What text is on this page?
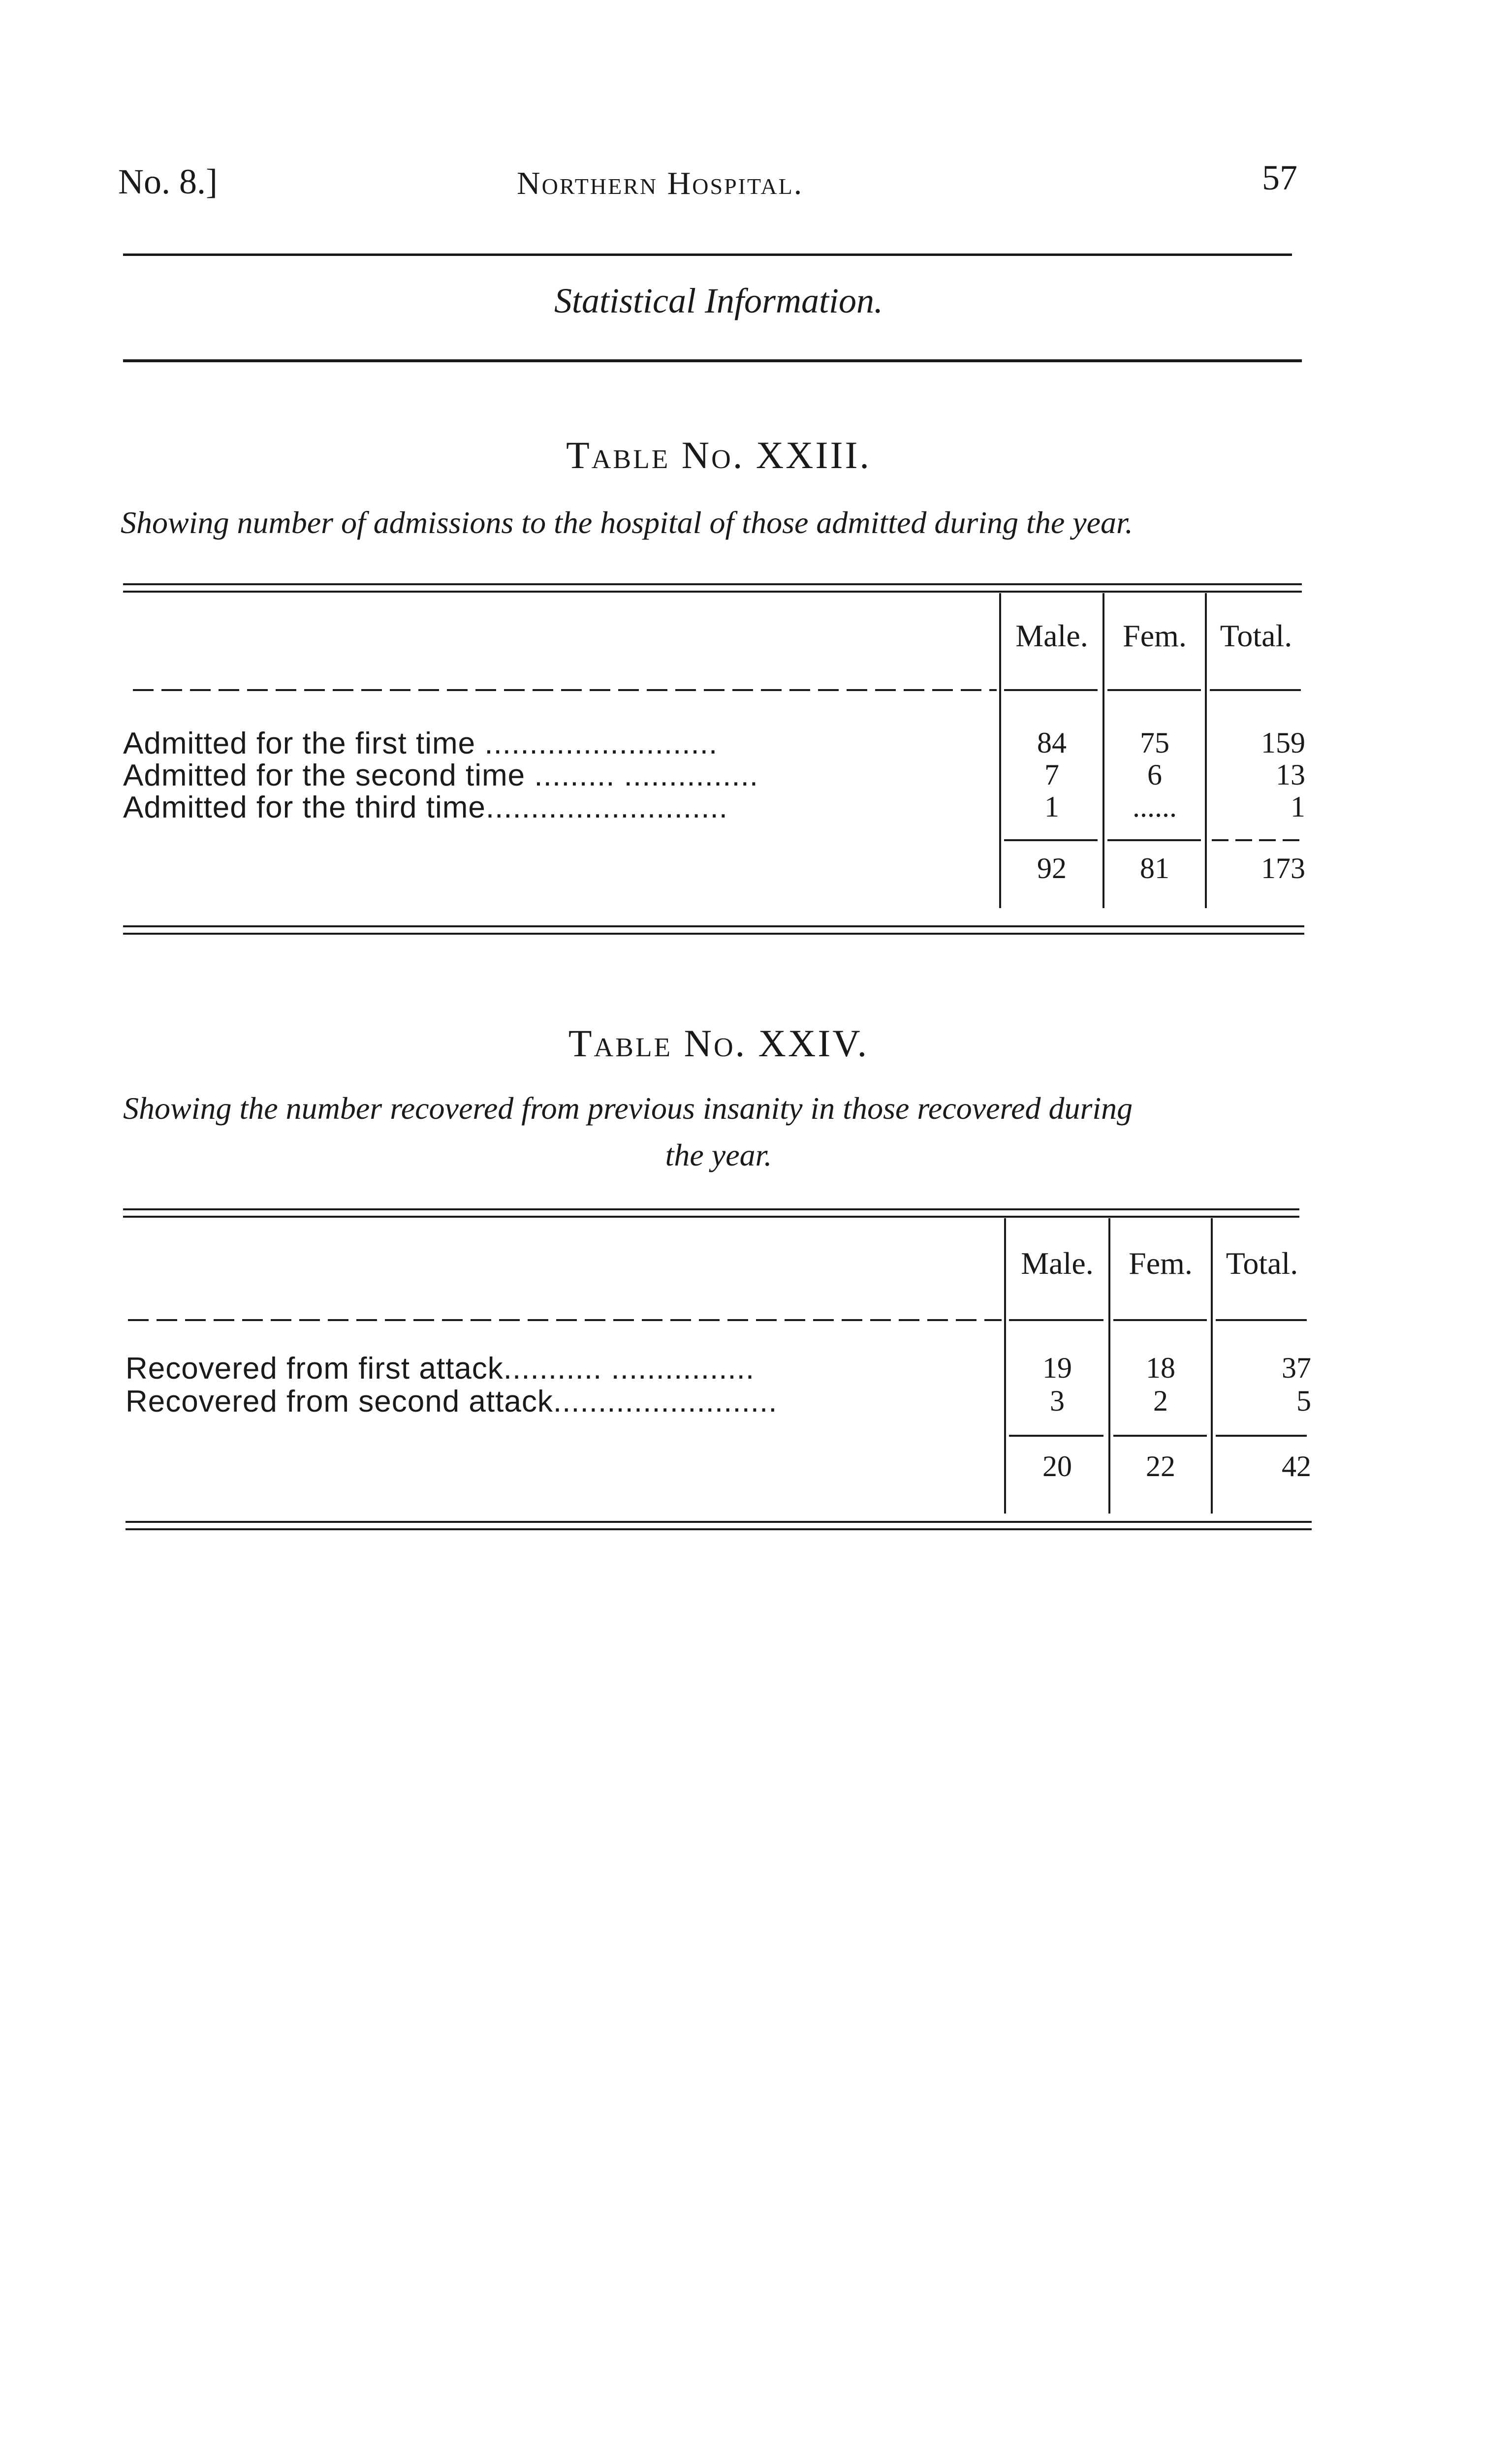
No. 8.]	Northern Hospital.	57
Statistical Information.
Table No. XXIII.
Showing number of admissions to the hospital of those admitted during the year.
Male.	Fem.	Total.
Admitted for the first time ..........................	84	75	159
Admitted for the second time ......... ...............	7	6	13
Admitted for the third time...........................	1	......	1
92	81	173
Table No. XXIV.
Showing the number recovered from previous insanity in those recovered during
the year.
Male.	Fem.	Total.
Recovered from first attack........... ................	19	18	37
Recovered from second attack.........................	3	2	5
20	22	42
